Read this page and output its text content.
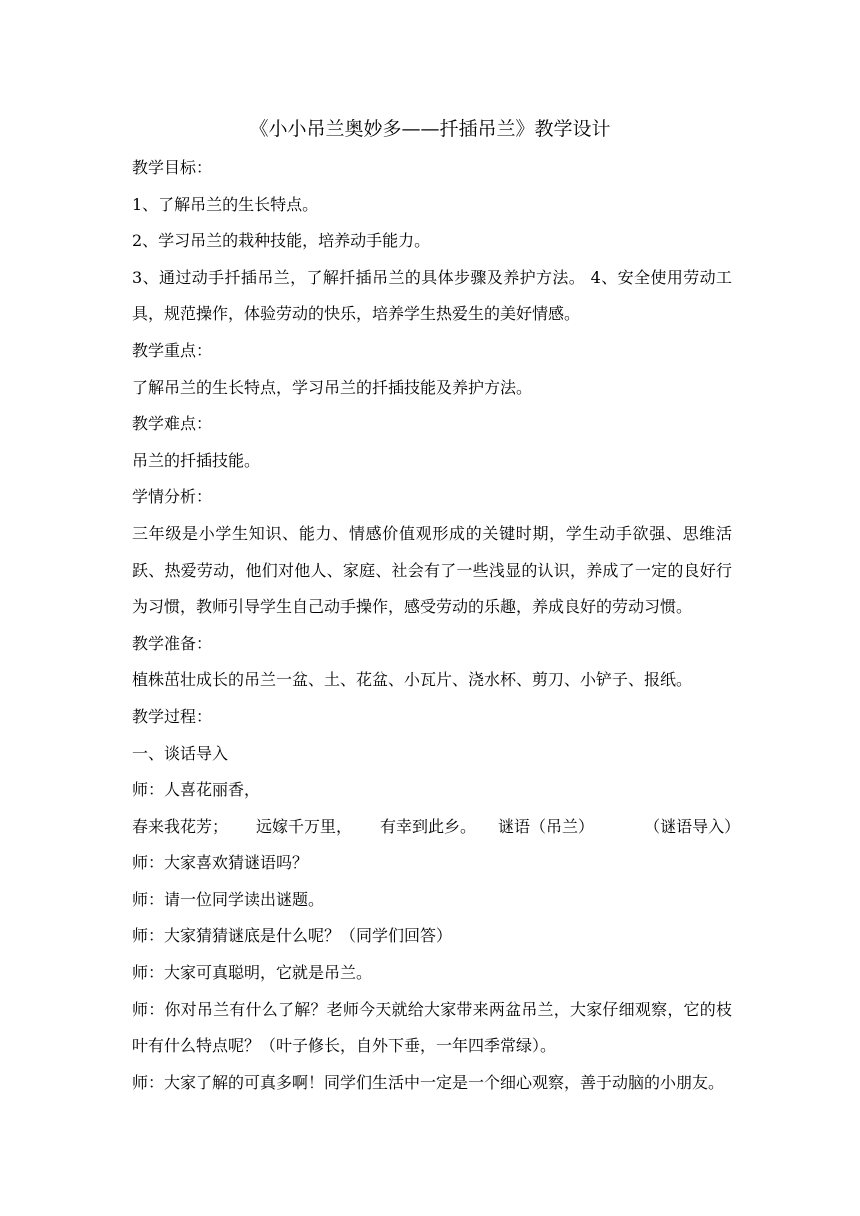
《小小吊兰奥妙多——扦插吊兰》教学设计

教学目标：

1、了解吊兰的生长特点。

2、学习吊兰的栽种技能，培养动手能力。

3、通过动手扦插吊兰，了解扦插吊兰的具体步骤及养护方法。 4、安全使用劳动工具，规范操作，体验劳动的快乐，培养学生热爱生的美好情感。

教学重点：

了解吊兰的生长特点，学习吊兰的扦插技能及养护方法。

教学难点：

吊兰的扦插技能。

学情分析：

三年级是小学生知识、能力、情感价值观形成的关键时期，学生动手欲强、思维活跃、热爱劳动，他们对他人、家庭、社会有了一些浅显的认识，养成了一定的良好行为习惯，教师引导学生自己动手操作，感受劳动的乐趣，养成良好的劳动习惯。

教学准备：

植株茁壮成长的吊兰一盆、土、花盆、小瓦片、浇水杯、剪刀、小铲子、报纸。

教学过程：

一、谈话导入

师：人喜花丽香，

春来我花芳； 远嫁千万里， 有幸到此乡。 谜语（吊兰）	（谜语导入）

师：大家喜欢猜谜语吗？

师：请一位同学读出谜题。

师：大家猜猜谜底是什么呢？（同学们回答）

师：大家可真聪明，它就是吊兰。

师：你对吊兰有什么了解？老师今天就给大家带来两盆吊兰，大家仔细观察，它的枝叶有什么特点呢？（叶子修长，自外下垂，一年四季常绿）。

师：大家了解的可真多啊！同学们生活中一定是一个细心观察，善于动脑的小朋友。
